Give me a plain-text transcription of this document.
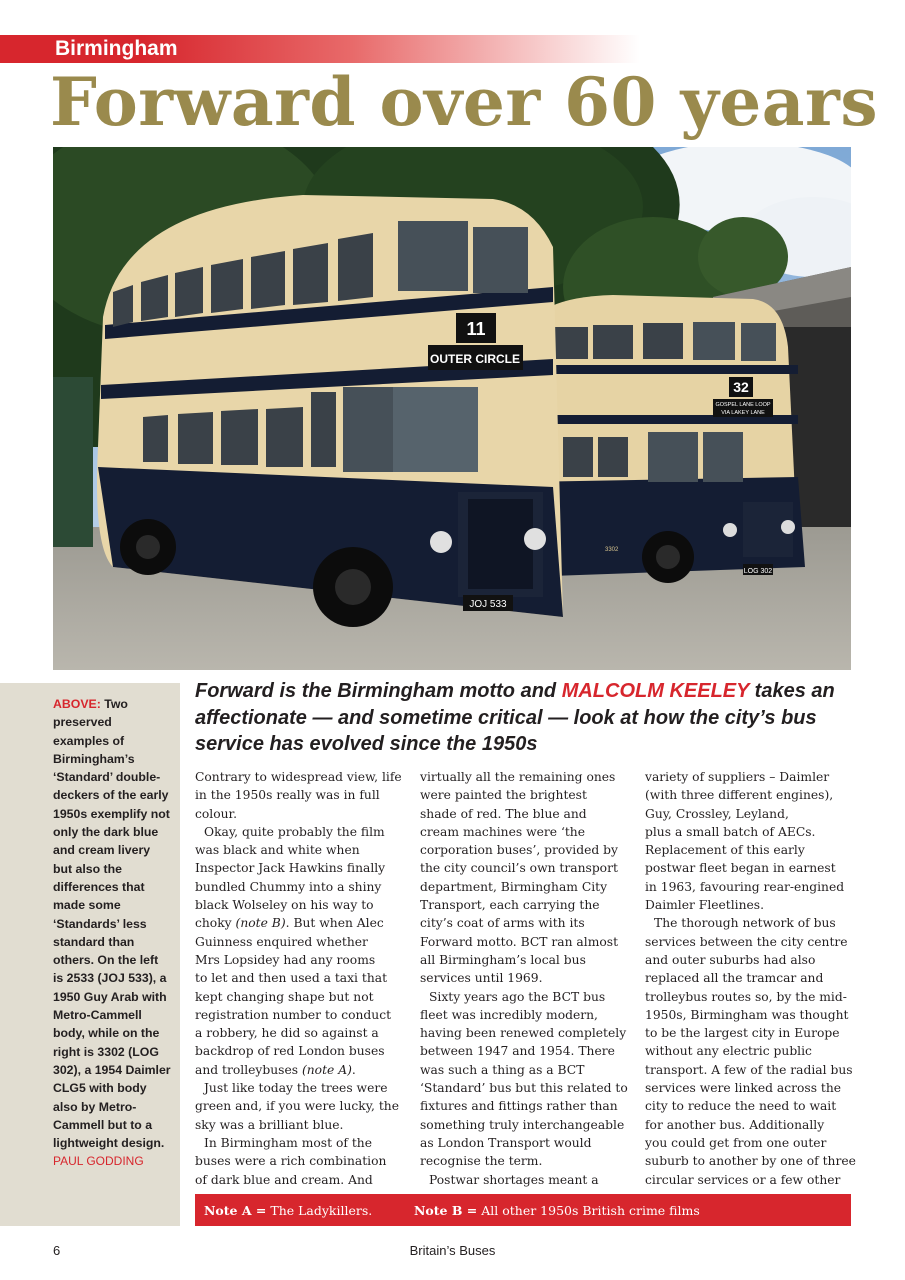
Birmingham
Forward over 60 years
32
GOSPEL LANE LOOP
VIA LAKEY LANE
LOG 302
3302
11
OUTER CIRCLE
JOJ 533
ABOVE: Two preserved examples of Birmingham’s ‘Standard’ double-deckers of the early 1950s exemplify not only the dark blue and cream livery but also the differences that made some ‘Standards’ less standard than others. On the left is 2533 (JOJ 533), a 1950 Guy Arab with Metro-Cammell body, while on the right is 3302 (LOG 302), a 1954 Daimler CLG5 with body also by Metro-Cammell but to a lightweight design.
PAUL GODDING
Forward is the Birmingham motto and MALCOLM KEELEY takes an affectionate — and sometime critical — look at how the city’s bus service has evolved since the 1950s

Contrary to widespread view, life

in the 1950s really was in full

colour.

Okay, quite probably the film

was black and white when

Inspector Jack Hawkins finally

bundled Chummy into a shiny

black Wolseley on his way to

choky (note B). But when Alec

Guinness enquired whether

Mrs Lopsidey had any rooms

to let and then used a taxi that

kept changing shape but not

registration number to conduct

a robbery, he did so against a

backdrop of red London buses

and trolleybuses (note A).

Just like today the trees were

green and, if you were lucky, the

sky was a brilliant blue.

In Birmingham most of the

buses were a rich combination

of dark blue and cream. And

virtually all the remaining ones

were painted the brightest

shade of red. The blue and

cream machines were ‘the

corporation buses’, provided by

the city council’s own transport

department, Birmingham City

Transport, each carrying the

city’s coat of arms with its

Forward motto. BCT ran almost

all Birmingham’s local bus

services until 1969.

Sixty years ago the BCT bus

fleet was incredibly modern,

having been renewed completely

between 1947 and 1954. There

was such a thing as a BCT

‘Standard’ bus but this related to

fixtures and fittings rather than

something truly interchangeable

as London Transport would

recognise the term.

Postwar shortages meant a

variety of suppliers – Daimler

(with three different engines),

Guy, Crossley, Leyland,

plus a small batch of AECs.

Replacement of this early

postwar fleet began in earnest

in 1963, favouring rear-engined

Daimler Fleetlines.

The thorough network of bus

services between the city centre

and outer suburbs had also

replaced all the tramcar and

trolleybus routes so, by the mid-

1950s, Birmingham was thought

to be the largest city in Europe

without any electric public

transport. A few of the radial bus

services were linked across the

city to reduce the need to wait

for another bus. Additionally

you could get from one outer

suburb to another by one of three

circular services or a few other

Note A = The Ladykillers.	Note B = All other 1950s British crime films
6	Britain’s Buses
